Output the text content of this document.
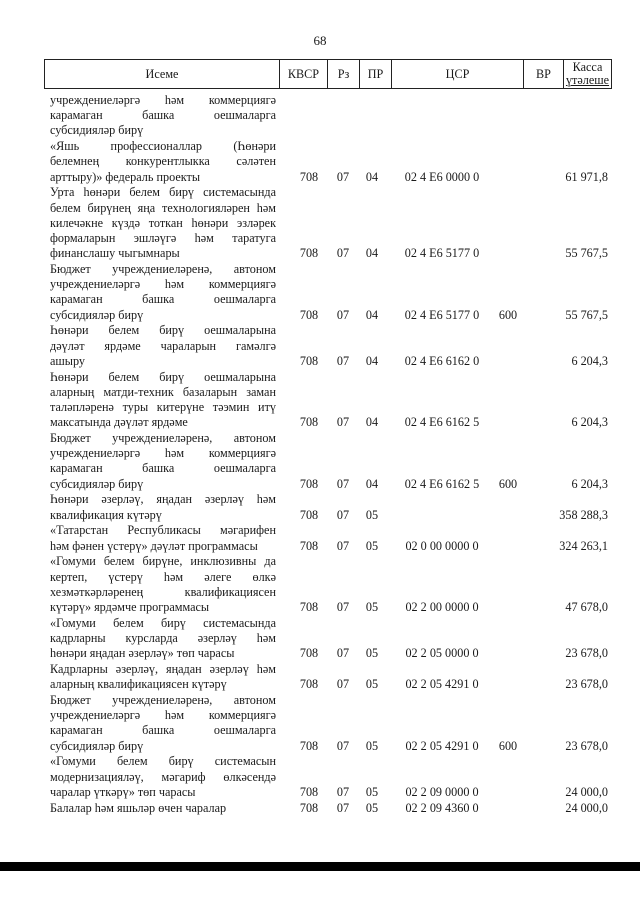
68
Исеме	КВСР	Рз	ПР	ЦСР	ВР	Касса
үтәлеше
учреждениеләргә һәм коммерциягә
карамаган башка оешмаларга
субсидияләр бирү
«Яшь профессионаллар (Һөнәри
белемнең конкурентлыкка сәләтен
арттыру)» федераль проекты	708	07	04	02 4 E6 0000 0	61 971,8
Урта һөнәри белем бирү системасында
белем бирүнең яңа технологияләрен һәм
килечәкне күздә тоткан һөнәри эзләрек
формаларын эшләүгә һәм таратуга
финанслашу чыгымнары	708	07	04	02 4 E6 5177 0	55 767,5
Бюджет учреждениеләренә, автоном
учреждениеләргә һәм коммерциягә
карамаган башка оешмаларга
субсидияләр бирү	708	07	04	02 4 E6 5177 0	600	55 767,5
Һөнәри белем бирү оешмаларына
дәүләт ярдәме чараларын гамәлгә
ашыру	708	07	04	02 4 E6 6162 0	6 204,3
Һөнәри белем бирү оешмаларына
аларның матди-техник базаларын заман
таләпләренә туры китерүне тәэмин итү
максатында дәүләт ярдәме	708	07	04	02 4 E6 6162 5	6 204,3
Бюджет учреждениеләренә, автоном
учреждениеләргә һәм коммерциягә
карамаган башка оешмаларга
субсидияләр бирү	708	07	04	02 4 E6 6162 5	600	6 204,3
Һөнәри әзерләү, яңадан әзерләү һәм
квалификация күтәрү	708	07	05	358 288,3
«Татарстан Республикасы мәгарифен
һәм фәнен үстерү» дәүләт программасы	708	07	05	02 0 00 0000 0	324 263,1
«Гомуми белем бирүне, инклюзивны да
кертеп, үстерү һәм әлеге өлкә
хезмәткәрләренең квалификациясен
күтәрү» ярдәмче программасы	708	07	05	02 2 00 0000 0	47 678,0
«Гомуми белем бирү системасында
кадрларны курсларда әзерләү һәм
һөнәри яңадан әзерләү» төп чарасы	708	07	05	02 2 05 0000 0	23 678,0
Кадрларны әзерләү, яңадан әзерләү һәм
аларның квалификациясен күтәрү	708	07	05	02 2 05 4291 0	23 678,0
Бюджет учреждениеләренә, автоном
учреждениеләргә һәм коммерциягә
карамаган башка оешмаларга
субсидияләр бирү	708	07	05	02 2 05 4291 0	600	23 678,0
«Гомуми белем бирү системасын
модернизацияләү, мәгариф өлкәсендә
чаралар үткәрү» төп чарасы	708	07	05	02 2 09 0000 0	24 000,0
Балалар һәм яшьләр өчен чаралар	708	07	05	02 2 09 4360 0	24 000,0
